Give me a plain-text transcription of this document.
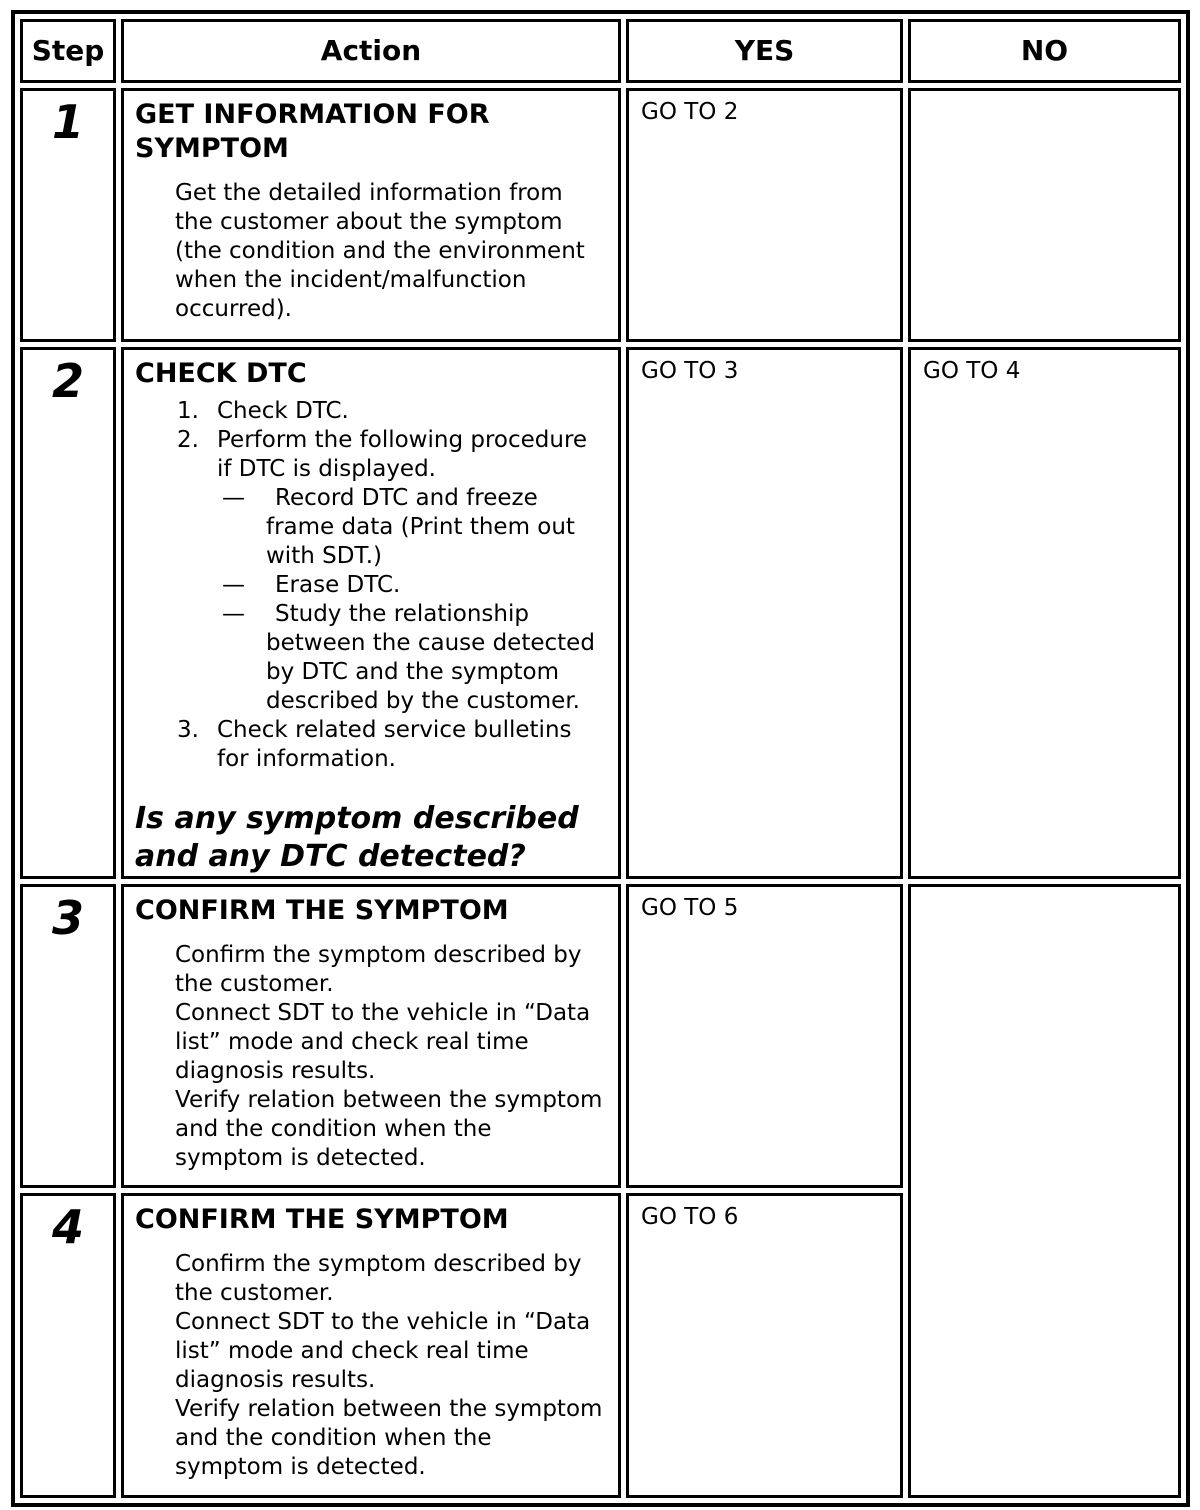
Step	Action	YES	NO

1	GET INFORMATION FOR SYMPTOM

Get the detailed information from the customer about the symptom (the condition and the environment when the incident/malfunction occurred).	GO TO 2	

2	CHECK DTC
1. Check DTC.
2. Perform the following procedure if DTC is displayed.
—	Record DTC and freeze frame data (Print them out with SDT.)
—	Erase DTC.
—	Study the relationship between the cause detected by DTC and the symptom described by the customer.
3. Check related service bulletins for information.
Is any symptom described and any DTC detected?
	GO TO 3	GO TO 4

3	CONFIRM THE SYMPTOM

Confirm the symptom described by the customer.

Connect SDT to the vehicle in “Data list” mode and check real time diagnosis results.

Verify relation between the symptom and the condition when the symptom is detected.	GO TO 5	

4	CONFIRM THE SYMPTOM

Confirm the symptom described by the customer.

Connect SDT to the vehicle in “Data list” mode and check real time diagnosis results.

Verify relation between the symptom and the condition when the symptom is detected.	GO TO 6	
